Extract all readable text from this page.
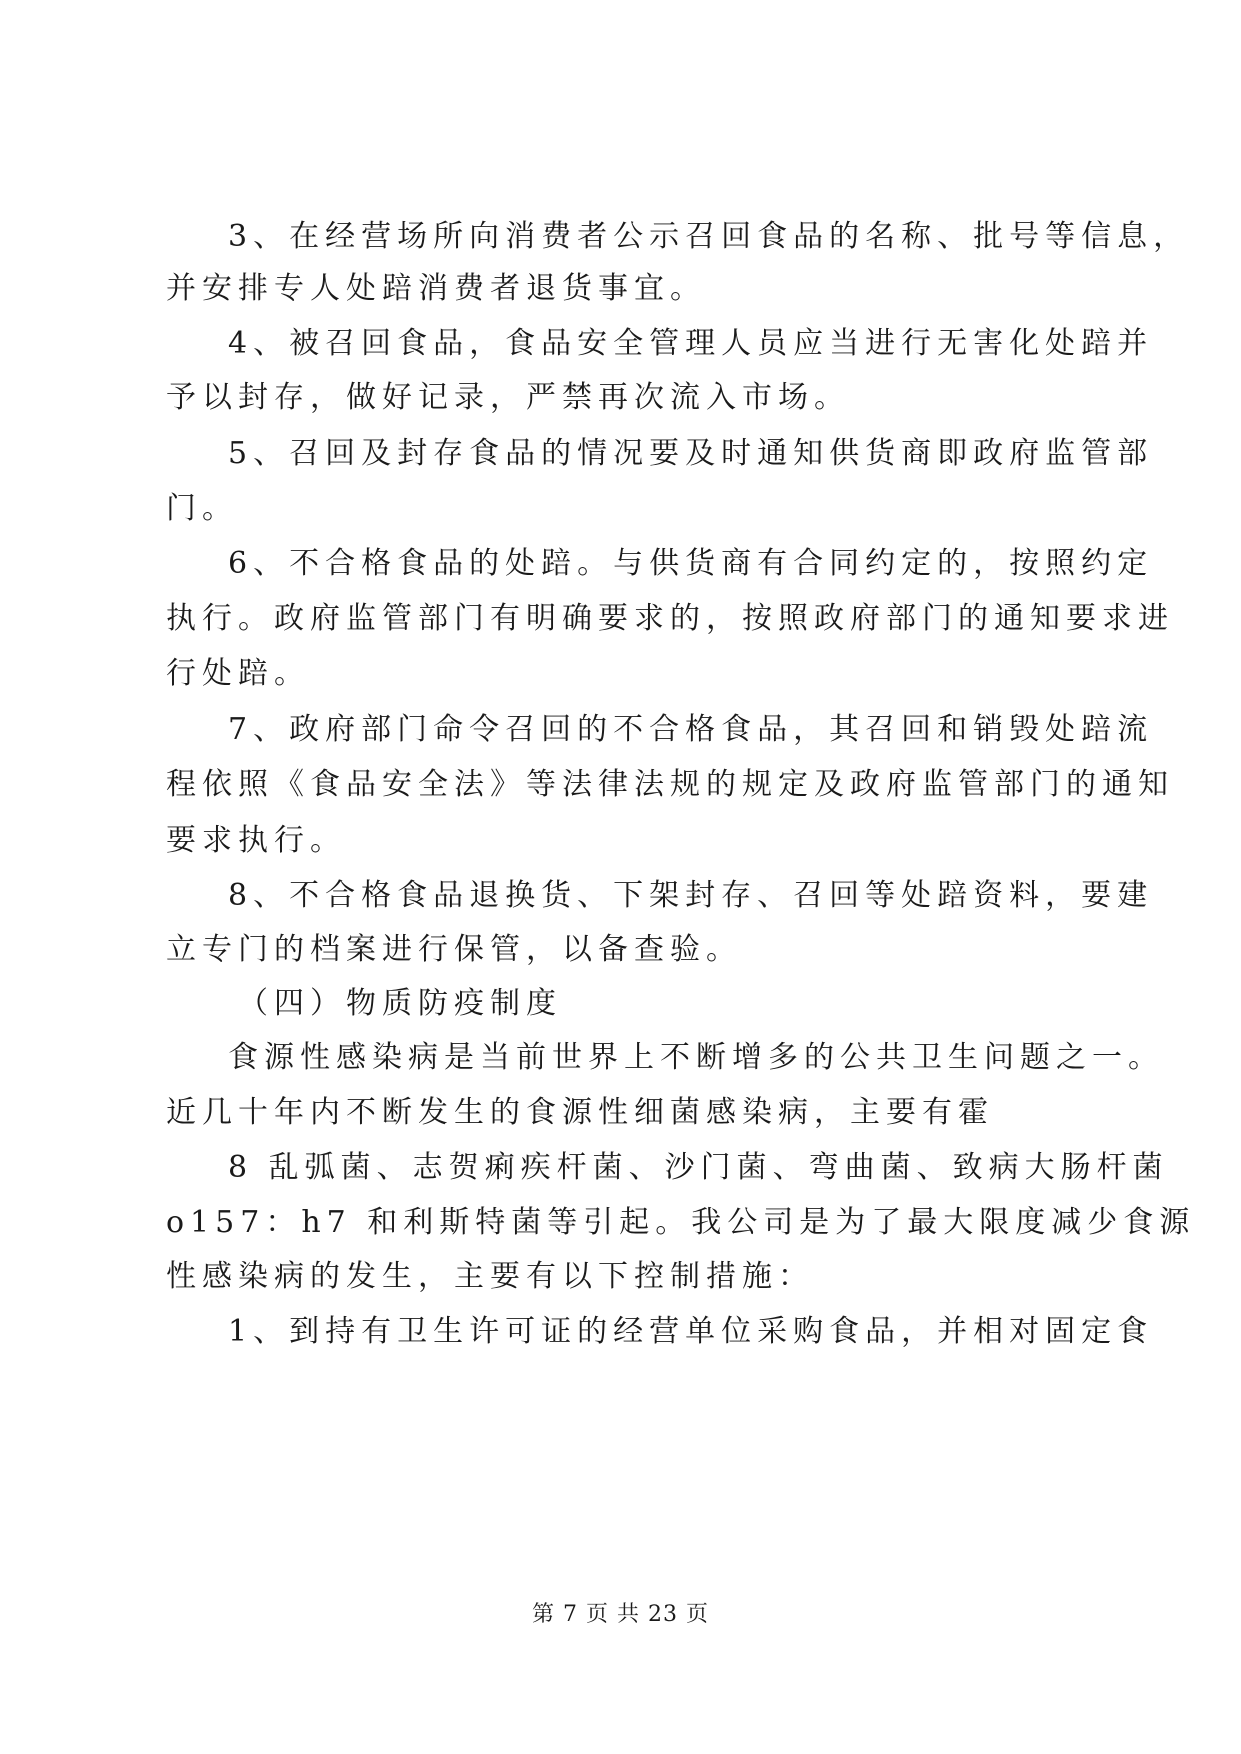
3、在经营场所向消费者公示召回食品的名称、批号等信息，
并安排专人处踣消费者退货事宜。
4、被召回食品，食品安全管理人员应当进行无害化处踣并
予以封存，做好记录，严禁再次流入市场。
5、召回及封存食品的情况要及时通知供货商即政府监管部
门。
6、不合格食品的处踣。与供货商有合同约定的，按照约定
执行。政府监管部门有明确要求的，按照政府部门的通知要求进
行处踣。
7、政府部门命令召回的不合格食品，其召回和销毁处踣流
程依照《食品安全法》等法律法规的规定及政府监管部门的通知
要求执行。
8、不合格食品退换货、下架封存、召回等处踣资料，要建
立专门的档案进行保管，以备查验。
（四）物质防疫制度
食源性感染病是当前世界上不断增多的公共卫生问题之一。
近几十年内不断发生的食源性细菌感染病，主要有霍
8 乱弧菌、志贺痢疾杆菌、沙门菌、弯曲菌、致病大肠杆菌
o157：h7 和利斯特菌等引起。我公司是为了最大限度减少食源
性感染病的发生，主要有以下控制措施：
1、到持有卫生许可证的经营单位采购食品，并相对固定食
第 7 页 共 23 页
